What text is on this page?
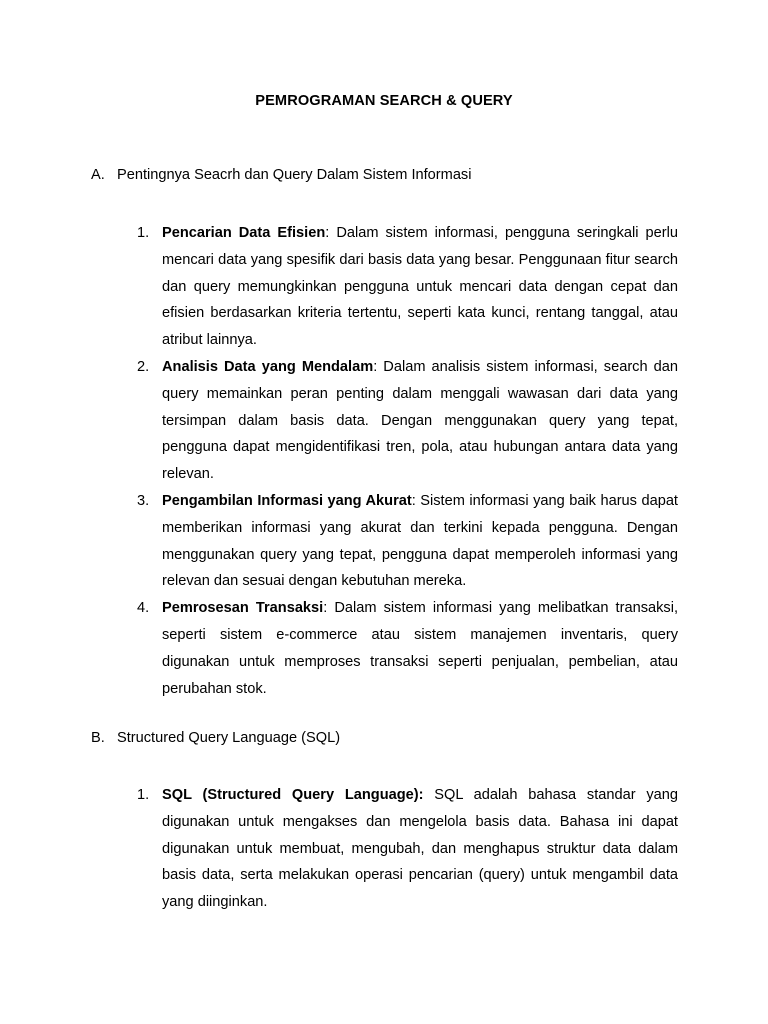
PEMROGRAMAN SEARCH & QUERY
A. Pentingnya Seacrh dan Query Dalam Sistem Informasi
1. Pencarian Data Efisien: Dalam sistem informasi, pengguna seringkali perlu mencari data yang spesifik dari basis data yang besar. Penggunaan fitur search dan query memungkinkan pengguna untuk mencari data dengan cepat dan efisien berdasarkan kriteria tertentu, seperti kata kunci, rentang tanggal, atau atribut lainnya.
2. Analisis Data yang Mendalam: Dalam analisis sistem informasi, search dan query memainkan peran penting dalam menggali wawasan dari data yang tersimpan dalam basis data. Dengan menggunakan query yang tepat, pengguna dapat mengidentifikasi tren, pola, atau hubungan antara data yang relevan.
3. Pengambilan Informasi yang Akurat: Sistem informasi yang baik harus dapat memberikan informasi yang akurat dan terkini kepada pengguna. Dengan menggunakan query yang tepat, pengguna dapat memperoleh informasi yang relevan dan sesuai dengan kebutuhan mereka.
4. Pemrosesan Transaksi: Dalam sistem informasi yang melibatkan transaksi, seperti sistem e-commerce atau sistem manajemen inventaris, query digunakan untuk memproses transaksi seperti penjualan, pembelian, atau perubahan stok.
B. Structured Query Language (SQL)
1. SQL (Structured Query Language): SQL adalah bahasa standar yang digunakan untuk mengakses dan mengelola basis data. Bahasa ini dapat digunakan untuk membuat, mengubah, dan menghapus struktur data dalam basis data, serta melakukan operasi pencarian (query) untuk mengambil data yang diinginkan.
